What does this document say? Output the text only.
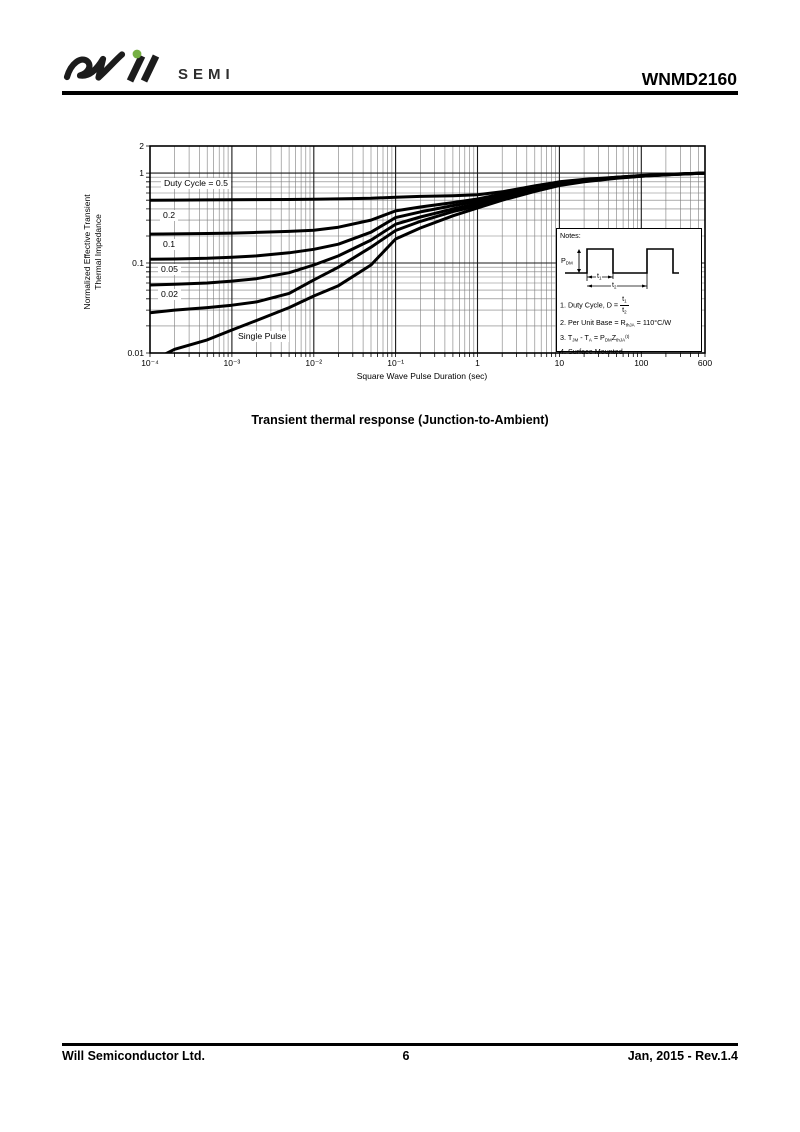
SEMI	WNMD2160
2
1
0.1
0.01
10⁻⁴	10⁻³	10⁻²	10⁻¹	1	10	100	600
Normalized Effective Transient Thermal Impedance
Square Wave Pulse Duration (sec)
Duty Cycle = 0.5
0.2
0.1
0.05
0.02
Single Pulse
Notes:
$P_{DM}$
$t_1$
$t_2$
1. Duty Cycle, $D = \frac{t_1}{t_2}$
2. Per Unit Base = $R_{thJA} = 110^\circ C/W$
3. $T_{JM} - T_A = P_{DM}Z_{thJA}^{(t)}$
4. Surface Mounted
Transient thermal response (Junction-to-Ambient)
Will Semiconductor Ltd.	6	Jan, 2015 - Rev.1.4
